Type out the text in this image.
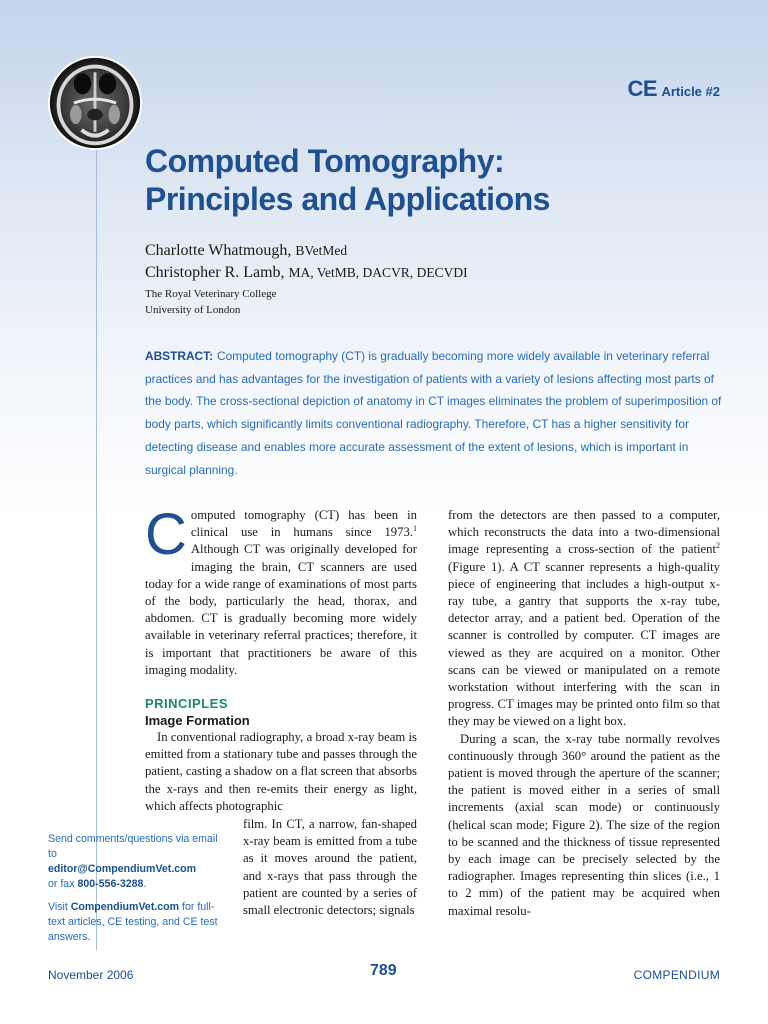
CE Article #2
Computed Tomography:
Principles and Applications
Charlotte Whatmough, BVetMed
Christopher R. Lamb, MA, VetMB, DACVR, DECVDI
The Royal Veterinary College
University of London

ABSTRACT: Computed tomography (CT) is gradually becoming more widely available in veterinary referral practices and has advantages for the investigation of patients with a variety of lesions affecting most parts of the body. The cross-sectional depiction of anatomy in CT images eliminates the problem of superimposition of body parts, which significantly limits conventional radiography. Therefore, CT has a higher sensitivity for detecting disease and enables more accurate assessment of the extent of lesions, which is important in surgical planning.

Computed tomography (CT) has been in clinical use in humans since 1973.$^1$ Although CT was originally developed for imaging the brain, CT scanners are used today for a wide range of examinations of most parts of the body, particularly the head, thorax, and abdomen. CT is gradually becoming more widely available in veterinary referral practices; therefore, it is important that practitioners be aware of this imaging modality.

PRINCIPLES
Image Formation

In conventional radiography, a broad x-ray beam is emitted from a stationary tube and passes through the patient, casting a shadow on a flat screen that absorbs the x-rays and then re-emits their energy as light, which affects photographic

film. In CT, a narrow, fan-shaped x-ray beam is emitted from a tube as it moves around the patient, and x-rays that pass through the patient are counted by a series of small electronic detectors; signals

Send comments/questions via email to
editor@CompendiumVet.com
or fax 800-556-3288.

Visit CompendiumVet.com for full-text articles, CE testing, and CE test answers.

from the detectors are then passed to a computer, which reconstructs the data into a two-dimensional image representing a cross-section of the patient$^2$ (Figure 1). A CT scanner represents a high-quality piece of engineering that includes a high-output x-ray tube, a gantry that supports the x-ray tube, detector array, and a patient bed. Operation of the scanner is controlled by computer. CT images are viewed as they are acquired on a monitor. Other scans can be viewed or manipulated on a remote workstation without interfering with the scan in progress. CT images may be printed onto film so that they may be viewed on a light box.

During a scan, the x-ray tube normally revolves continuously through 360° around the patient as the patient is moved through the aperture of the scanner; the patient is moved either in a series of small increments (axial scan mode) or continuously (helical scan mode; Figure 2). The size of the region to be scanned and the thickness of tissue represented by each image can be precisely selected by the radiographer. Images representing thin slices (i.e., 1 to 2 mm) of the patient may be acquired when maximal resolu-

November 2006	789	COMPENDIUM
